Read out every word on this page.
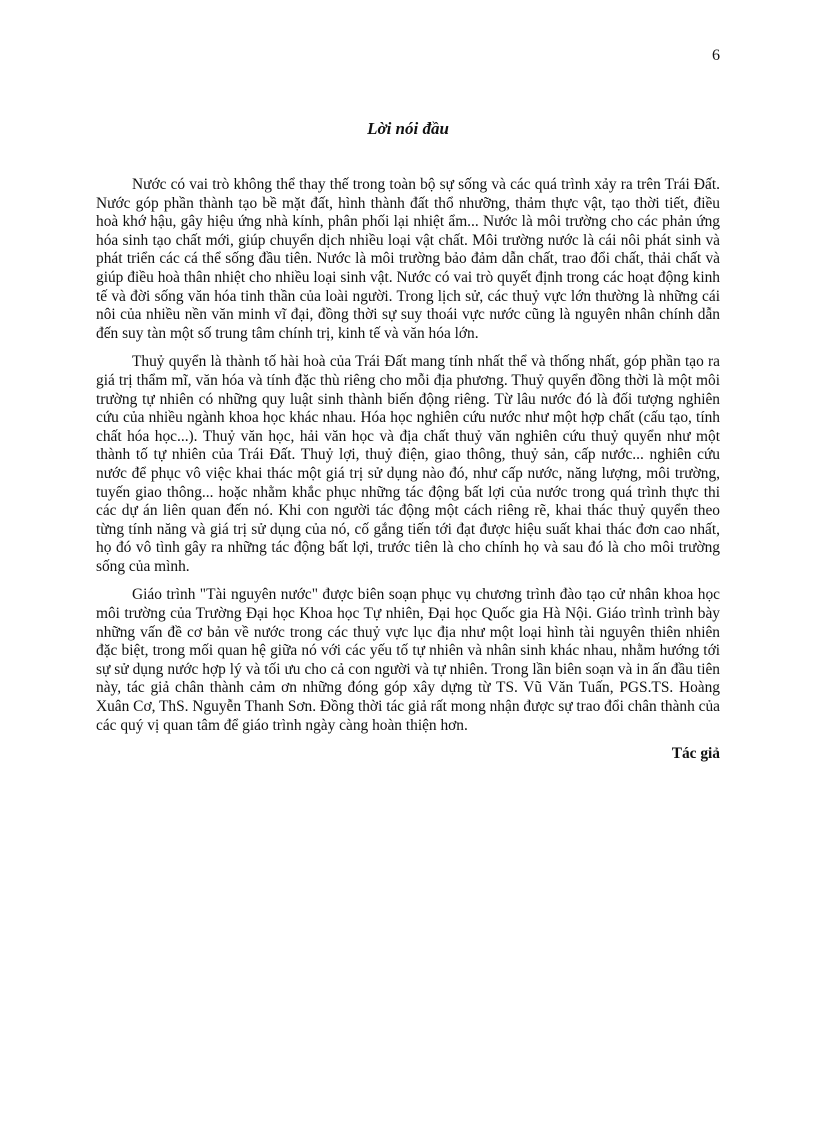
6
Lời nói đầu

Nước có vai trò không thể thay thế trong toàn bộ sự sống và các quá trình xảy ra trên Trái Đất. Nước góp phần thành tạo bề mặt đất, hình thành đất thổ nhưỡng, thảm thực vật, tạo thời tiết, điều hoà khớ hậu, gây hiệu ứng nhà kính, phân phối lại nhiệt ẩm... Nước là môi trường cho các phản ứng hóa sinh tạo chất mới, giúp chuyển dịch nhiều loại vật chất. Môi trường nước là cái nôi phát sinh và phát triển các cá thể sống đầu tiên. Nước là môi trường bảo đảm dẫn chất, trao đổi chất, thải chất và giúp điều hoà thân nhiệt cho nhiều loại sinh vật. Nước có vai trò quyết định trong các hoạt động kinh tế và đời sống văn hóa tinh thần của loài người. Trong lịch sử, các thuỷ vực lớn thường là những cái nôi của nhiều nền văn minh vĩ đại, đồng thời sự suy thoái vực nước cũng là nguyên nhân chính dẫn đến suy tàn một số trung tâm chính trị, kinh tế và văn hóa lớn.

Thuỷ quyển là thành tố hài hoà của Trái Đất mang tính nhất thể và thống nhất, góp phần tạo ra giá trị thẩm mĩ, văn hóa và tính đặc thù riêng cho mỗi địa phương. Thuỷ quyển đồng thời là một môi trường tự nhiên có những quy luật sinh thành biến động riêng. Từ lâu nước đó là đối tượng nghiên cứu của nhiều ngành khoa học khác nhau. Hóa học nghiên cứu nước như một hợp chất (cấu tạo, tính chất hóa học...). Thuỷ văn học, hải văn học và địa chất thuỷ văn nghiên cứu thuỷ quyển như một thành tố tự nhiên của Trái Đất. Thuỷ lợi, thuỷ điện, giao thông, thuỷ sản, cấp nước... nghiên cứu nước để phục vô việc khai thác một giá trị sử dụng nào đó, như cấp nước, năng lượng, môi trường, tuyến giao thông... hoặc nhằm khắc phục những tác động bất lợi của nước trong quá trình thực thi các dự án liên quan đến nó. Khi con người tác động một cách riêng rẽ, khai thác thuỷ quyển theo từng tính năng và giá trị sử dụng của nó, cố gắng tiến tới đạt được hiệu suất khai thác đơn cao nhất, họ đó vô tình gây ra những tác động bất lợi, trước tiên là cho chính họ và sau đó là cho môi trường sống của mình.

Giáo trình "Tài nguyên nước" được biên soạn phục vụ chương trình đào tạo cử nhân khoa học môi trường của Trường Đại học Khoa học Tự nhiên, Đại học Quốc gia Hà Nội. Giáo trình trình bày những vấn đề cơ bản về nước trong các thuỷ vực lục địa như một loại hình tài nguyên thiên nhiên đặc biệt, trong mối quan hệ giữa nó với các yếu tố tự nhiên và nhân sinh khác nhau, nhằm hướng tới sự sử dụng nước hợp lý và tối ưu cho cả con người và tự nhiên. Trong lần biên soạn và in ấn đầu tiên này, tác giả chân thành cảm ơn những đóng góp xây dựng từ TS. Vũ Văn Tuấn, PGS.TS. Hoàng Xuân Cơ, ThS. Nguyễn Thanh Sơn. Đồng thời tác giả rất mong nhận được sự trao đổi chân thành của các quý vị quan tâm để giáo trình ngày càng hoàn thiện hơn.

Tác giả
